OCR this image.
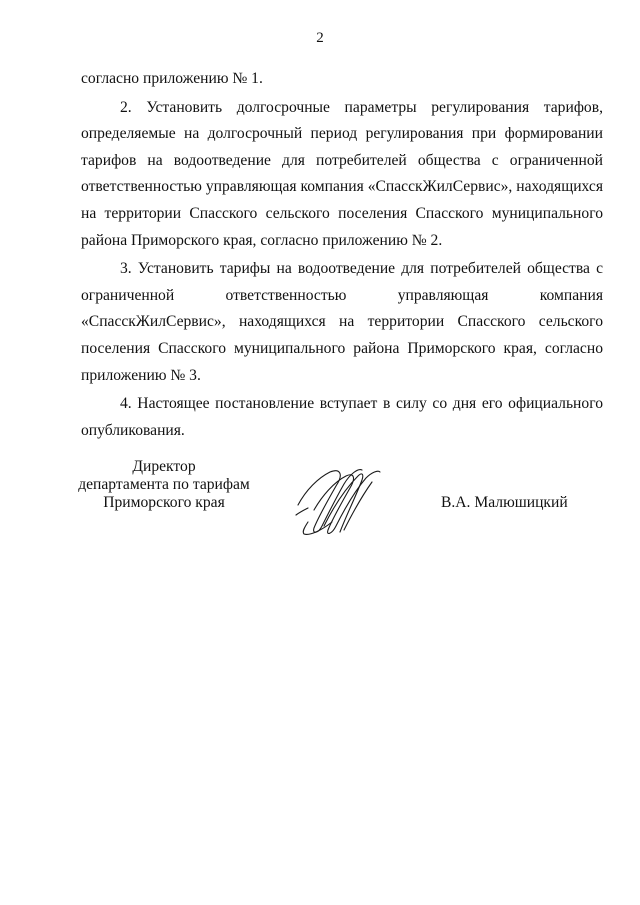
2

согласно приложению № 1.

2. Установить долгосрочные параметры регулирования тарифов, определяемые на долгосрочный период регулирования при формировании тарифов на водоотведение для потребителей общества с ограниченной ответственностью управляющая компания «СпасскЖилСервис», находящихся на территории Спасского сельского поселения Спасского муниципального района Приморского края, согласно приложению № 2.

3. Установить тарифы на водоотведение для потребителей общества с ограниченной ответственностью управляющая компания «СпасскЖилСервис», находящихся на территории Спасского сельского поселения Спасского муниципального района Приморского края, согласно приложению № 3.

4. Настоящее постановление вступает в силу со дня его официального опубликования.

Директор
департамента по тарифам
Приморского края	В.А. Малюшицкий
